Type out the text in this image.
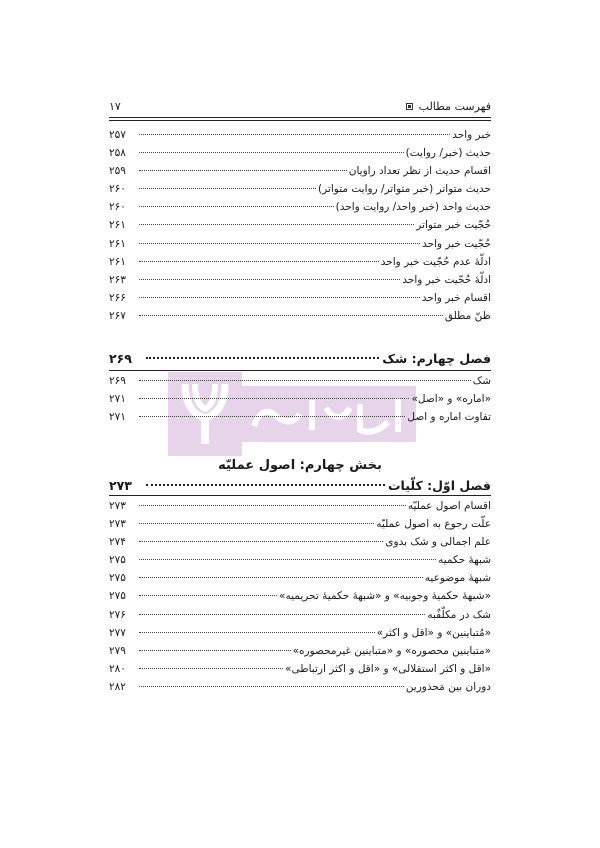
فهرست مطالب
۱۷
خبر واحد
۲۵۷
حدیث (خبر/ روایت)
۲۵۸
اقسام حدیث از نظر تعداد راویان
۲۵۹
حدیث متواتر (خبر متواتر/ روایت متواتر)
۲۶۰
حدیث واحد (خبر واحد/ روایت واحد)
۲۶۰
حُجّیت خبر متواتر
۲۶۱
حُجّیت خبر واحد
۲۶۱
ادلّهٔ عدم حُجّیت خبر واحد
۲۶۱
ادلّهٔ حُجّیت خبر واحد
۲۶۳
اقسام خبر واحد
۲۶۶
ظنّ مطلق
۲۶۷
فصل چهارم: شک
۲۶۹
شک
۲۶۹
«اماره» و «اصل»
۲۷۱
تفاوت اماره و اصل
۲۷۱
بخش چهارم: اصول عملیّه
فصل اوّل: کلّیات
۲۷۳
اقسام اصول عملیّه
۲۷۳
علّت رجوع به اصول عملیّه
۲۷۳
علم اجمالی و شک بدوی
۲۷۴
شبههٔ حکمیه
۲۷۵
شبههٔ موضوعیه
۲۷۵
«شبههٔ حکمیهٔ وجوبیه» و «شبههٔ حکمیهٔ تحریمیه»
۲۷۵
شک در مکلّفٌبه
۲۷۶
«مُتباینین» و «اقل و اکثر»
۲۷۷
«متباینین محصوره» و «متباینین غیرمحصوره»
۲۷۹
«اقل و اکثر استقلالی» و «اقل و اکثر ارتباطی»
۲۸۰
دوران بین مَحذورین
۲۸۲
